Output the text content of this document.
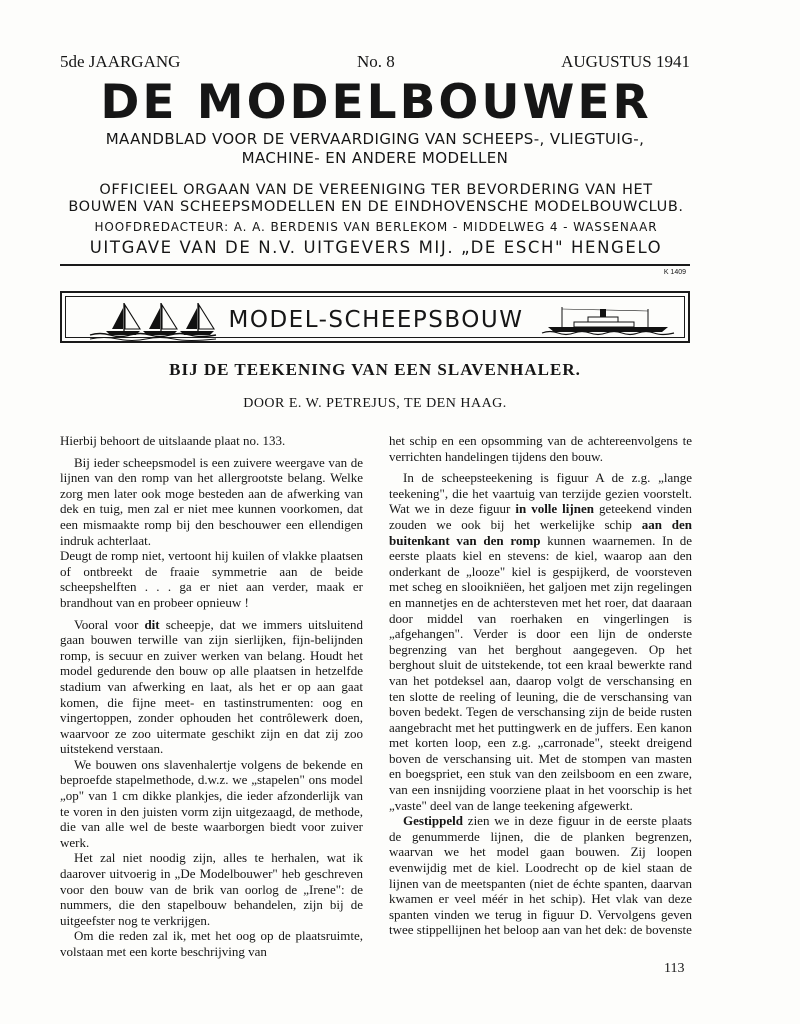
5de JAARGANG	No. 8	AUGUSTUS 1941
DE MODELBOUWER
MAANDBLAD VOOR DE VERVAARDIGING VAN SCHEEPS-, VLIEGTUIG-,
MACHINE- EN ANDERE MODELLEN
OFFICIEEL ORGAAN VAN DE VEREENIGING TER BEVORDERING VAN HET
BOUWEN VAN SCHEEPSMODELLEN EN DE EINDHOVENSCHE MODELBOUWCLUB.
HOOFDREDACTEUR: A. A. BERDENIS VAN BERLEKOM - MIDDELWEG 4 - WASSENAAR
UITGAVE VAN DE N.V. UITGEVERS MIJ. „DE ESCH" HENGELO
K 1409
MODEL-SCHEEPSBOUW
BIJ DE TEEKENING VAN EEN SLAVENHALER.
DOOR E. W. PETREJUS, TE DEN HAAG.

Hierbij behoort de uitslaande plaat no. 133.

Bij ieder scheepsmodel is een zuivere weergave van de lijnen van den romp van het allergrootste belang. Welke zorg men later ook moge besteden aan de afwerking van dek en tuig, men zal er niet mee kunnen voorkomen, dat een mismaakte romp bij den beschouwer een ellendigen indruk achterlaat.

Deugt de romp niet, vertoont hij kuilen of vlakke plaatsen of ontbreekt de fraaie symmetrie aan de beide scheepshelften . . . ga er niet aan verder, maak er brandhout van en probeer opnieuw !

Vooral voor dit scheepje, dat we immers uitsluitend gaan bouwen terwille van zijn sierlijken, fijn-belijnden romp, is secuur en zuiver werken van belang. Houdt het model gedurende den bouw op alle plaatsen in hetzelfde stadium van afwerking en laat, als het er op aan gaat komen, die fijne meet- en tastinstrumenten: oog en vingertoppen, zonder ophouden het contrôlewerk doen, waarvoor ze zoo uitermate geschikt zijn en dat zij zoo uitstekend verstaan.

We bouwen ons slavenhalertje volgens de bekende en beproefde stapelmethode, d.w.z. we „stapelen" ons model „op" van 1 cm dikke plankjes, die ieder afzonderlijk van te voren in den juisten vorm zijn uitgezaagd, de methode, die van alle wel de beste waarborgen biedt voor zuiver werk.

Het zal niet noodig zijn, alles te herhalen, wat ik daarover uitvoerig in „De Modelbouwer" heb geschreven voor den bouw van de brik van oorlog de „Irene": de nummers, die den stapelbouw behandelen, zijn bij de uitgeefster nog te verkrijgen.

Om die reden zal ik, met het oog op de plaatsruimte, volstaan met een korte beschrijving van

het schip en een opsomming van de achtereenvolgens te verrichten handelingen tijdens den bouw.

In de scheepsteekening is figuur A de z.g. „lange teekening", die het vaartuig van terzijde gezien voorstelt. Wat we in deze figuur in volle lijnen geteekend vinden zouden we ook bij het werkelijke schip aan den buitenkant van den romp kunnen waarnemen. In de eerste plaats kiel en stevens: de kiel, waarop aan den onderkant de „looze" kiel is gespijkerd, de voorsteven met scheg en slooikniëen, het galjoen met zijn regelingen en mannetjes en de achtersteven met het roer, dat daaraan door middel van roerhaken en vingerlingen is „afgehangen". Verder is door een lijn de onderste begrenzing van het berghout aangegeven. Op het berghout sluit de uitstekende, tot een kraal bewerkte rand van het potdeksel aan, daarop volgt de verschansing en ten slotte de reeling of leuning, die de verschansing van boven bedekt. Tegen de verschansing zijn de beide rusten aangebracht met het puttingwerk en de juffers. Een kanon met korten loop, een z.g. „carronade", steekt dreigend boven de verschansing uit. Met de stompen van masten en boegspriet, een stuk van den zeilsboom en een zware, van een insnijding voorziene plaat in het voorschip is het „vaste" deel van de lange teekening afgewerkt.

Gestippeld zien we in deze figuur in de eerste plaats de genummerde lijnen, die de planken begrenzen, waarvan we het model gaan bouwen. Zij loopen evenwijdig met de kiel. Loodrecht op de kiel staan de lijnen van de meetspanten (niet de échte spanten, daarvan kwamen er veel méér in het schip). Het vlak van deze spanten vinden we terug in figuur D. Vervolgens geven twee stippellijnen het beloop aan van het dek: de bovenste

113
